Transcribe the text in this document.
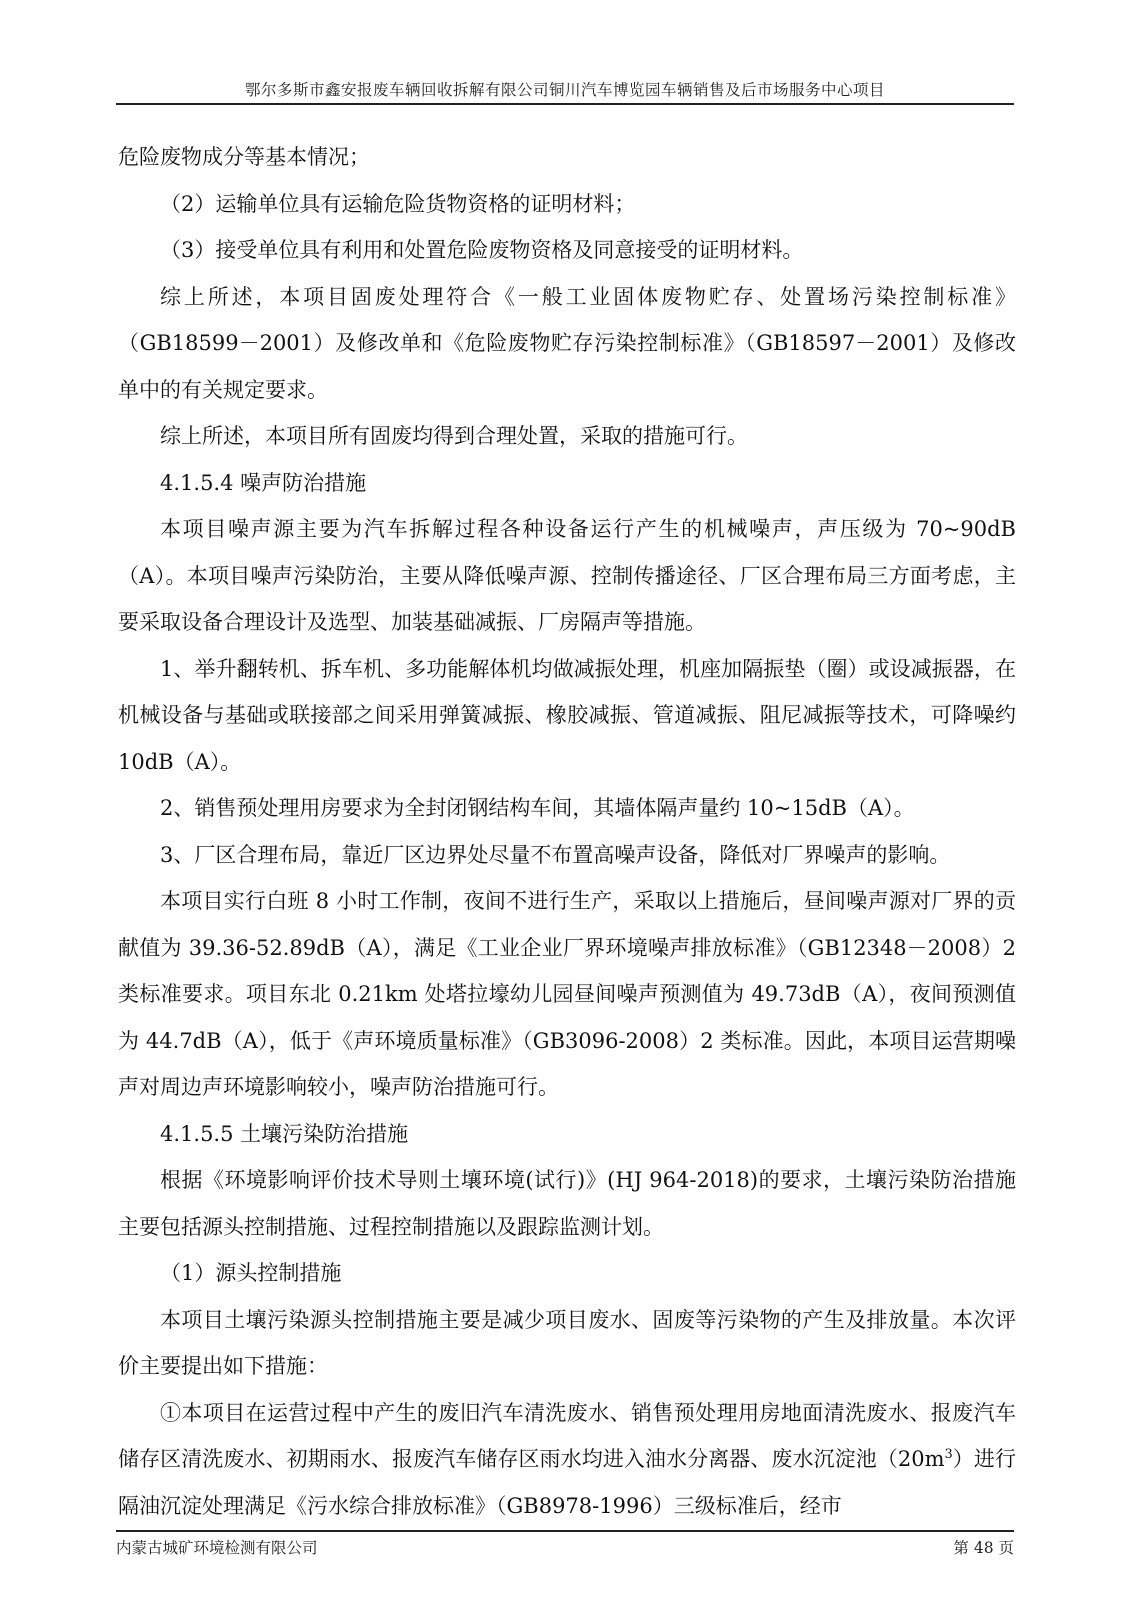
鄂尔多斯市鑫安报废车辆回收拆解有限公司铜川汽车博览园车辆销售及后市场服务中心项目

危险废物成分等基本情况；

（2）运输单位具有运输危险货物资格的证明材料；

（3）接受单位具有利用和处置危险废物资格及同意接受的证明材料。

综上所述，本项目固废处理符合《一般工业固体废物贮存、处置场污染控制标准》（GB18599－2001）及修改单和《危险废物贮存污染控制标准》（GB18597－2001）及修改单中的有关规定要求。

综上所述，本项目所有固废均得到合理处置，采取的措施可行。

4.1.5.4 噪声防治措施

本项目噪声源主要为汽车拆解过程各种设备运行产生的机械噪声，声压级为 70~90dB（A）。本项目噪声污染防治，主要从降低噪声源、控制传播途径、厂区合理布局三方面考虑，主要采取设备合理设计及选型、加装基础减振、厂房隔声等措施。

1、举升翻转机、拆车机、多功能解体机均做减振处理，机座加隔振垫（圈）或设减振器，在机械设备与基础或联接部之间采用弹簧减振、橡胶减振、管道减振、阻尼减振等技术，可降噪约 10dB（A）。

2、销售预处理用房要求为全封闭钢结构车间，其墙体隔声量约 10~15dB（A）。

3、厂区合理布局，靠近厂区边界处尽量不布置高噪声设备，降低对厂界噪声的影响。

本项目实行白班 8 小时工作制，夜间不进行生产，采取以上措施后，昼间噪声源对厂界的贡献值为 39.36-52.89dB（A），满足《工业企业厂界环境噪声排放标准》（GB12348－2008）2 类标准要求。项目东北 0.21km 处塔拉壕幼儿园昼间噪声预测值为 49.73dB（A），夜间预测值为 44.7dB（A），低于《声环境质量标准》（GB3096-2008）2 类标准。因此，本项目运营期噪声对周边声环境影响较小，噪声防治措施可行。

4.1.5.5 土壤污染防治措施

根据《环境影响评价技术导则土壤环境(试行)》(HJ 964-2018)的要求，土壤污染防治措施主要包括源头控制措施、过程控制措施以及跟踪监测计划。

（1）源头控制措施

本项目土壤污染源头控制措施主要是减少项目废水、固废等污染物的产生及排放量。本次评价主要提出如下措施：

①本项目在运营过程中产生的废旧汽车清洗废水、销售预处理用房地面清洗废水、报废汽车储存区清洗废水、初期雨水、报废汽车储存区雨水均进入油水分离器、废水沉淀池$(20m^3)$进行隔油沉淀处理满足《污水综合排放标准》（GB8978-1996）三级标准后，经市

内蒙古城矿环境检测有限公司	第 48 页
